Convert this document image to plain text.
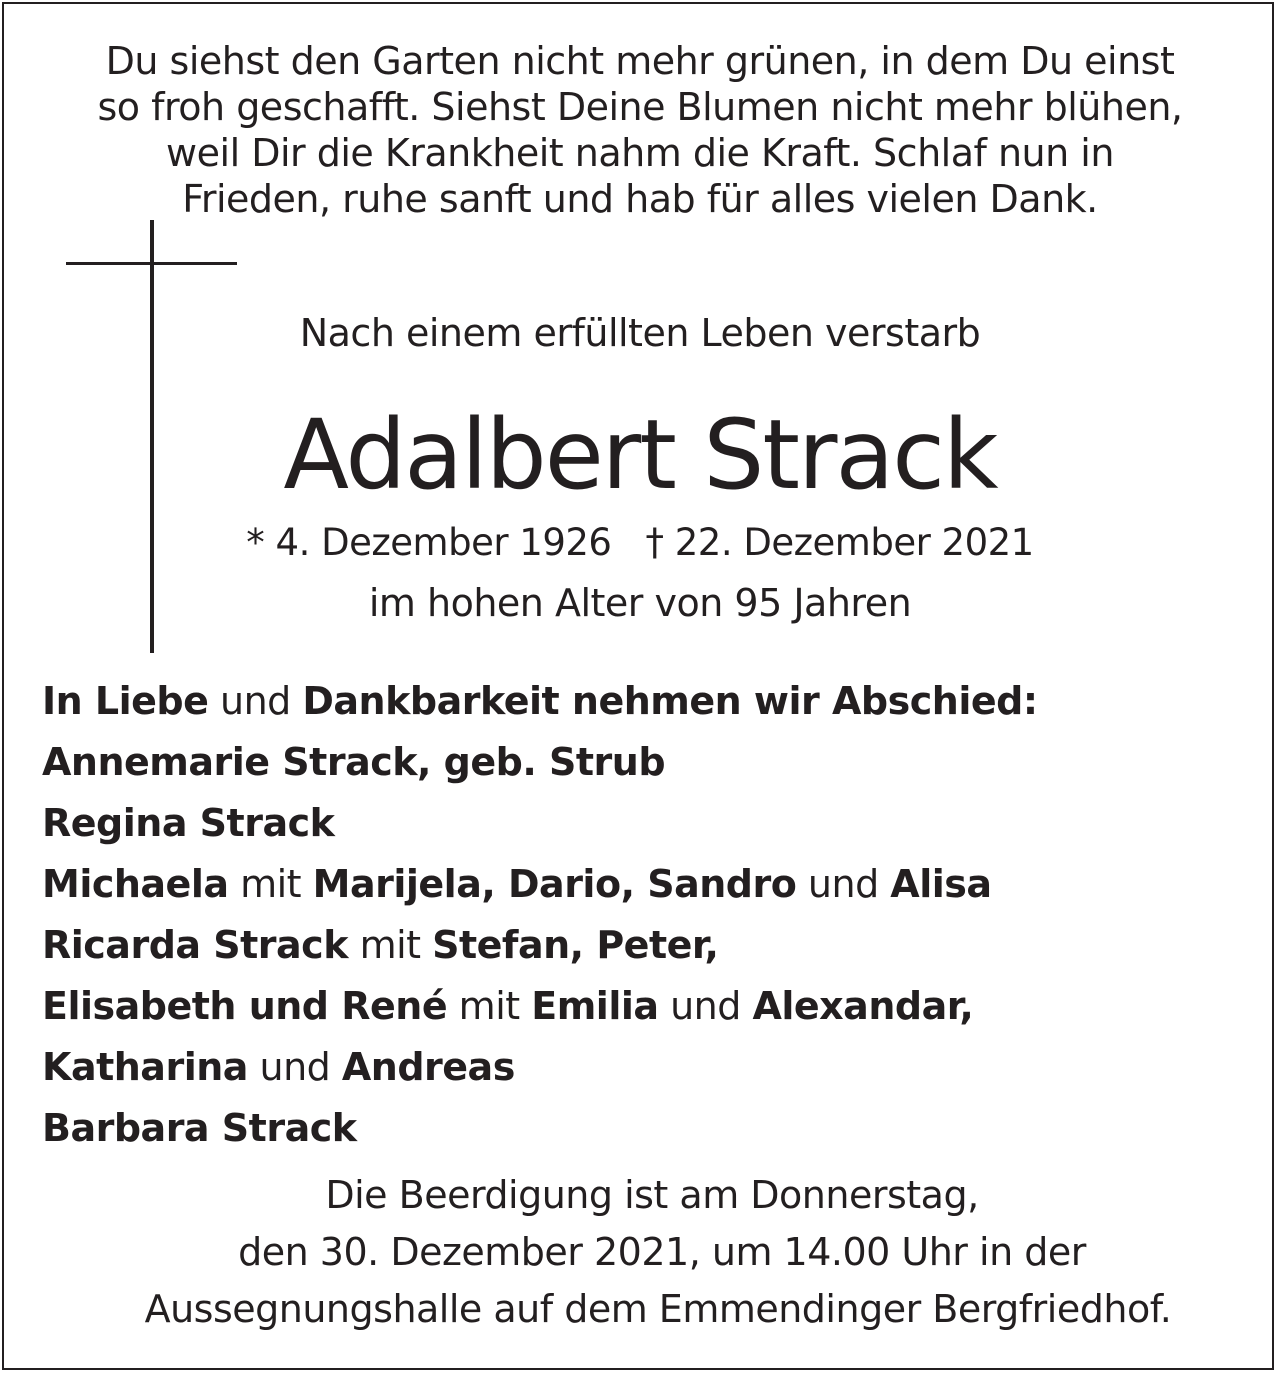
Du siehst den Garten nicht mehr grünen, in dem Du einst
so froh geschafft. Siehst Deine Blumen nicht mehr blühen,
weil Dir die Krankheit nahm die Kraft. Schlaf nun in
Frieden, ruhe sanft und hab für alles vielen Dank.
Nach einem erfüllten Leben verstarb
Adalbert Strack
* 4. Dezember 1926 † 22. Dezember 2021
im hohen Alter von 95 Jahren
In Liebe und Dankbarkeit nehmen wir Abschied:
Annemarie Strack, geb. Strub
Regina Strack
Michaela mit Marijela, Dario, Sandro und Alisa
Ricarda Strack mit Stefan, Peter,
Elisabeth und René mit Emilia und Alexandar,
Katharina und Andreas
Barbara Strack
Die Beerdigung ist am Donnerstag,
den 30. Dezember 2021, um 14.00 Uhr in der
Aussegnungshalle auf dem Emmendinger Bergfriedhof.
